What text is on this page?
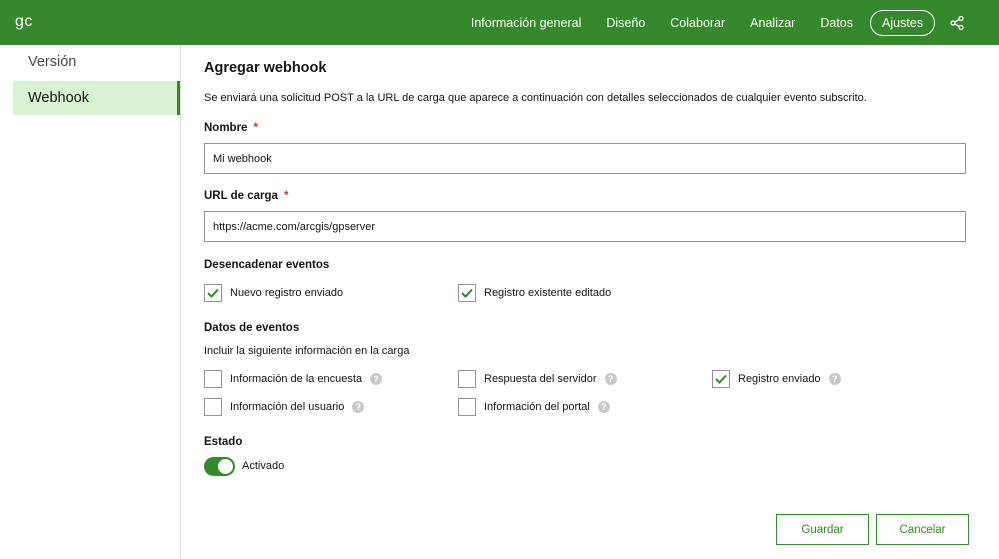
gc	Información general Diseño Colaborar Analizar Datos	Ajustes
Versión
Webhook
Agregar webhook
Se enviará una solicitud POST a la URL de carga que aparece a continuación con detalles seleccionados de cualquier evento subscrito.
Nombre *
Mi webhook
URL de carga *
https://acme.com/arcgis/gpserver
Desencadenar eventos
Nuevo registro enviado	Registro existente editado
Datos de eventos
Incluir la siguiente información en la carga
Información de la encuesta	?	Respuesta del servidor	?	Registro enviado	?
Información del usuario	?	Información del portal	?
Estado
Activado
Guardar	Cancelar
